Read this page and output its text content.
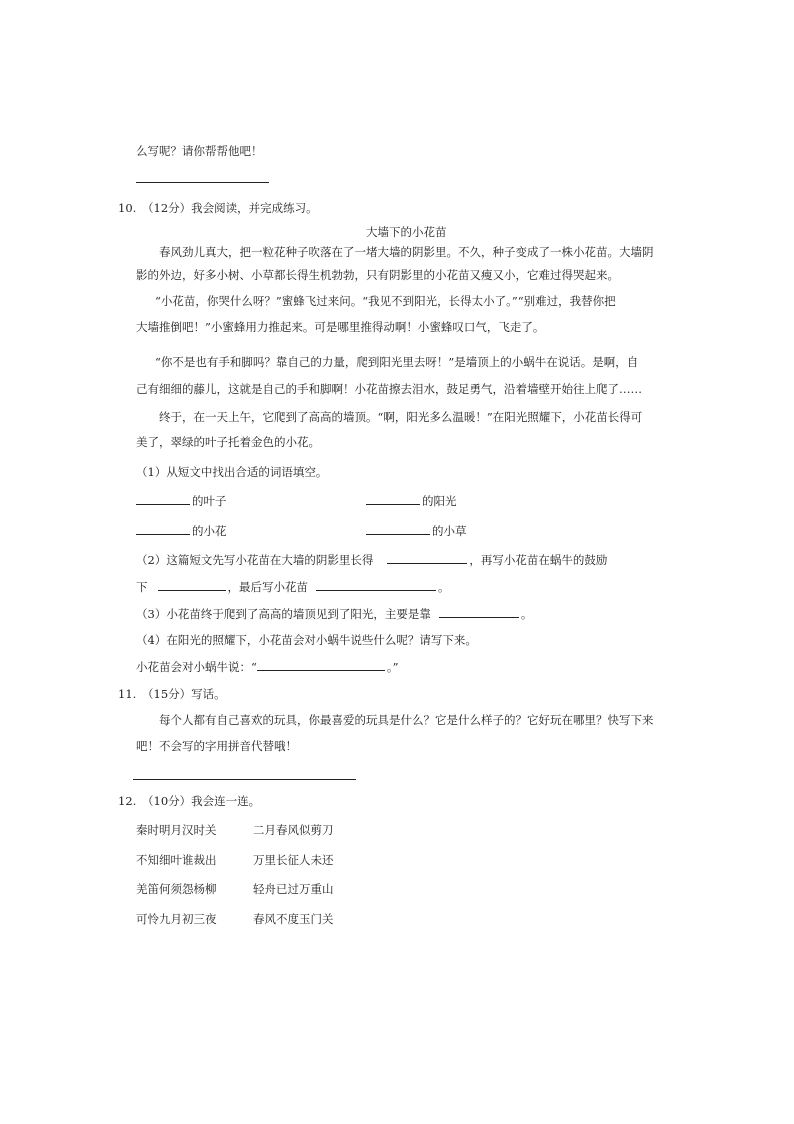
么写呢？请你帮帮他吧！
10.　（12分）我会阅读，并完成练习。
大墙下的小花苗
春风劲儿真大，把一粒花种子吹落在了一堵大墙的阴影里。不久，种子变成了一株小花苗。大墙阴
影的外边，好多小树、小草都长得生机勃勃，只有阴影里的小花苗又瘦又小，它难过得哭起来。
“小花苗，你哭什么呀？”蜜蜂飞过来问。“我见不到阳光，长得太小了。”“别难过，我替你把
大墙推倒吧！”小蜜蜂用力推起来。可是哪里推得动啊！小蜜蜂叹口气，飞走了。
“你不是也有手和脚吗？靠自己的力量，爬到阳光里去呀！”是墙顶上的小蜗牛在说话。是啊，自
己有细细的藤儿，这就是自己的手和脚啊！小花苗擦去泪水，鼓足勇气，沿着墙壁开始往上爬了……
终于，在一天上午，它爬到了高高的墙顶。“啊，阳光多么温暖！”在阳光照耀下，小花苗长得可
美了，翠绿的叶子托着金色的小花。
（1）从短文中找出合适的词语填空。
的叶子	的阳光
的小花	的小草
（2）这篇短文先写小花苗在大墙的阴影里长得	，再写小花苗在蜗牛的鼓励
下	，最后写小花苗	。
（3）小花苗终于爬到了高高的墙顶见到了阳光，主要是靠	。
（4）在阳光的照耀下，小花苗会对小蜗牛说些什么呢？请写下来。
小花苗会对小蜗牛说：“	。”
11.　（15分）写话。
每个人都有自己喜欢的玩具，你最喜爱的玩具是什么？它是什么样子的？它好玩在哪里？快写下来
吧！不会写的字用拼音代替哦！
12.　（10分）我会连一连。
秦时明月汉时关	二月春风似剪刀
不知细叶谁裁出	万里长征人未还
羌笛何须怨杨柳	轻舟已过万重山
可怜九月初三夜	春风不度玉门关
